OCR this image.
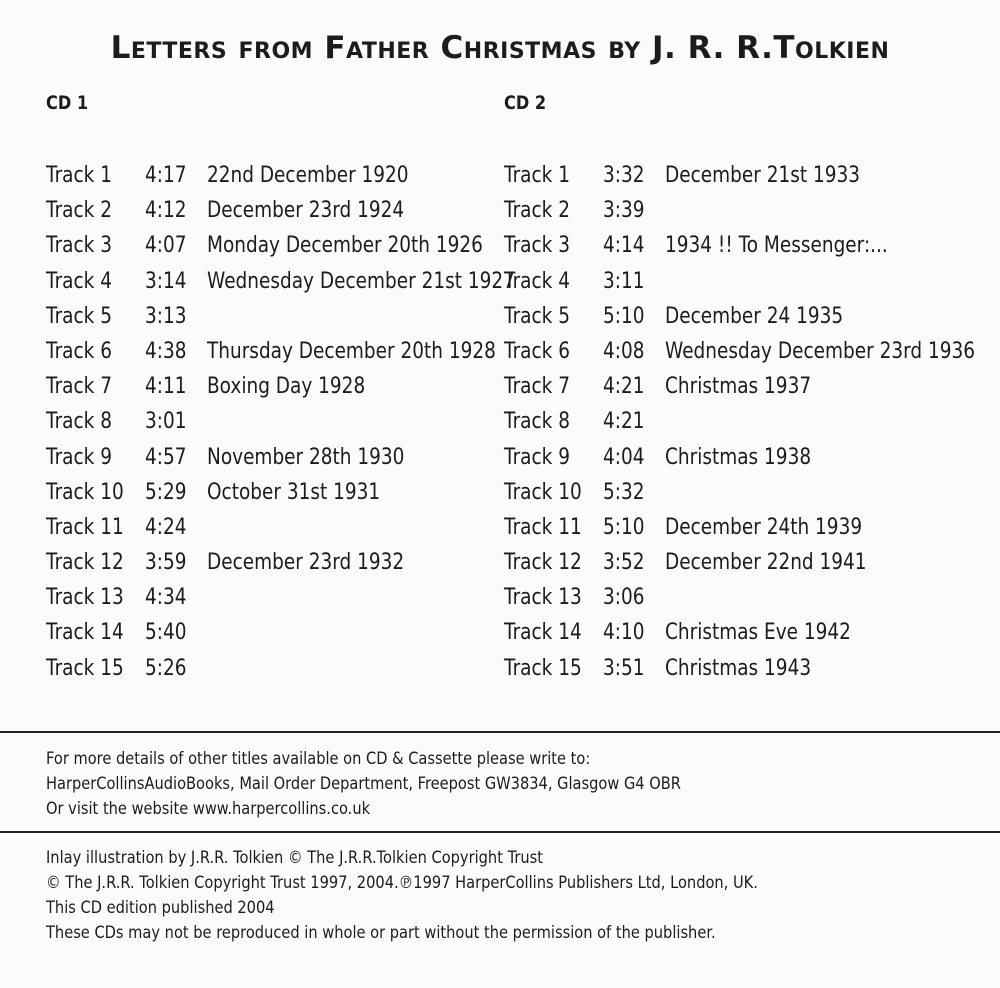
Letters from Father Christmas by J. R. R.Tolkien
CD 1	CD 2
Track 1 4:17 22nd December 1920
Track 2 4:12 December 23rd 1924
Track 3 4:07 Monday December 20th 1926
Track 4 3:14 Wednesday December 21st 1927
Track 5 3:13
Track 6 4:38 Thursday December 20th 1928
Track 7 4:11 Boxing Day 1928
Track 8 3:01
Track 9 4:57 November 28th 1930
Track 10 5:29 October 31st 1931
Track 11 4:24
Track 12 3:59 December 23rd 1932
Track 13 4:34
Track 14 5:40
Track 15 5:26
Track 1 3:32 December 21st 1933
Track 2 3:39
Track 3 4:14 1934 !! To Messenger:...
Track 4 3:11
Track 5 5:10 December 24 1935
Track 6 4:08 Wednesday December 23rd 1936
Track 7 4:21 Christmas 1937
Track 8 4:21
Track 9 4:04 Christmas 1938
Track 10 5:32
Track 11 5:10 December 24th 1939
Track 12 3:52 December 22nd 1941
Track 13 3:06
Track 14 4:10 Christmas Eve 1942
Track 15 3:51 Christmas 1943
For more details of other titles available on CD & Cassette please write to:
HarperCollinsAudioBooks, Mail Order Department, Freepost GW3834, Glasgow G4 OBR
Or visit the website www.harpercollins.co.uk
Inlay illustration by J.R.R. Tolkien © The J.R.R.Tolkien Copyright Trust
© The J.R.R. Tolkien Copyright Trust 1997, 2004.℗1997 HarperCollins Publishers Ltd, London, UK.
This CD edition published 2004
These CDs may not be reproduced in whole or part without the permission of the publisher.
